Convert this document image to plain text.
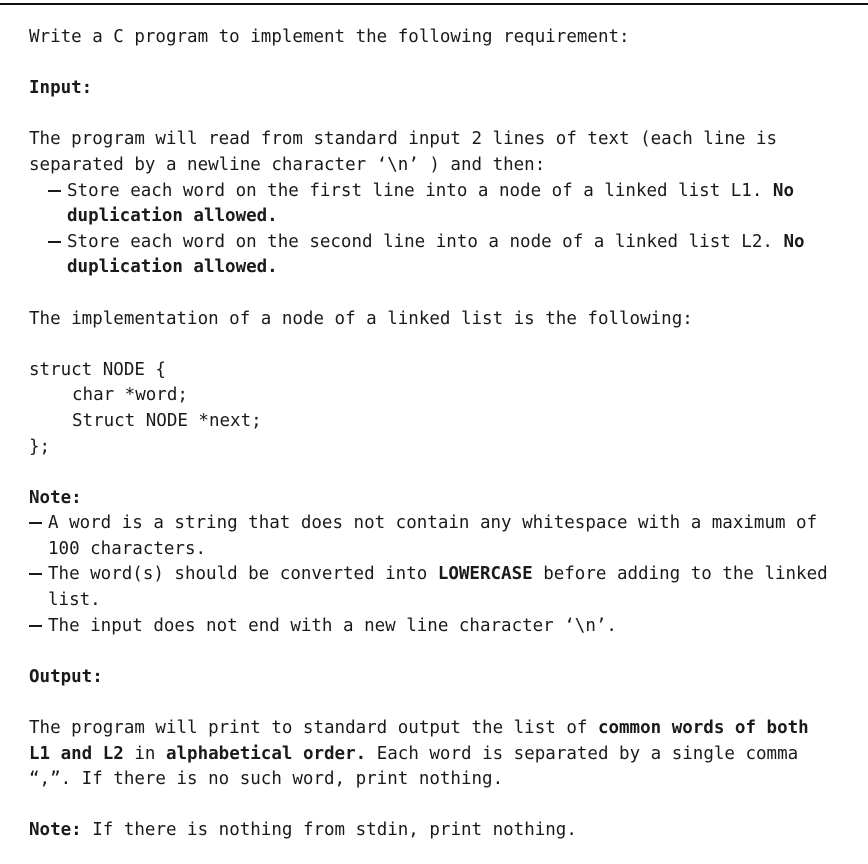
Write a C program to implement the following requirement:
Input:
The program will read from standard input 2 lines of text (each line is
separated by a newline character ‘\n’ ) and then:
Store each word on the first line into a node of a linked list L1. No
duplication allowed.
Store each word on the second line into a node of a linked list L2. No
duplication allowed.
The implementation of a node of a linked list is the following:
struct NODE {
char *word;
Struct NODE *next;
};
Note:
A word is a string that does not contain any whitespace with a maximum of
100 characters.
The word(s) should be converted into LOWERCASE before adding to the linked
list.
The input does not end with a new line character ‘\n’.
Output:
The program will print to standard output the list of common words of both
L1 and L2 in alphabetical order. Each word is separated by a single comma
“,”. If there is no such word, print nothing.
Note: If there is nothing from stdin, print nothing.
